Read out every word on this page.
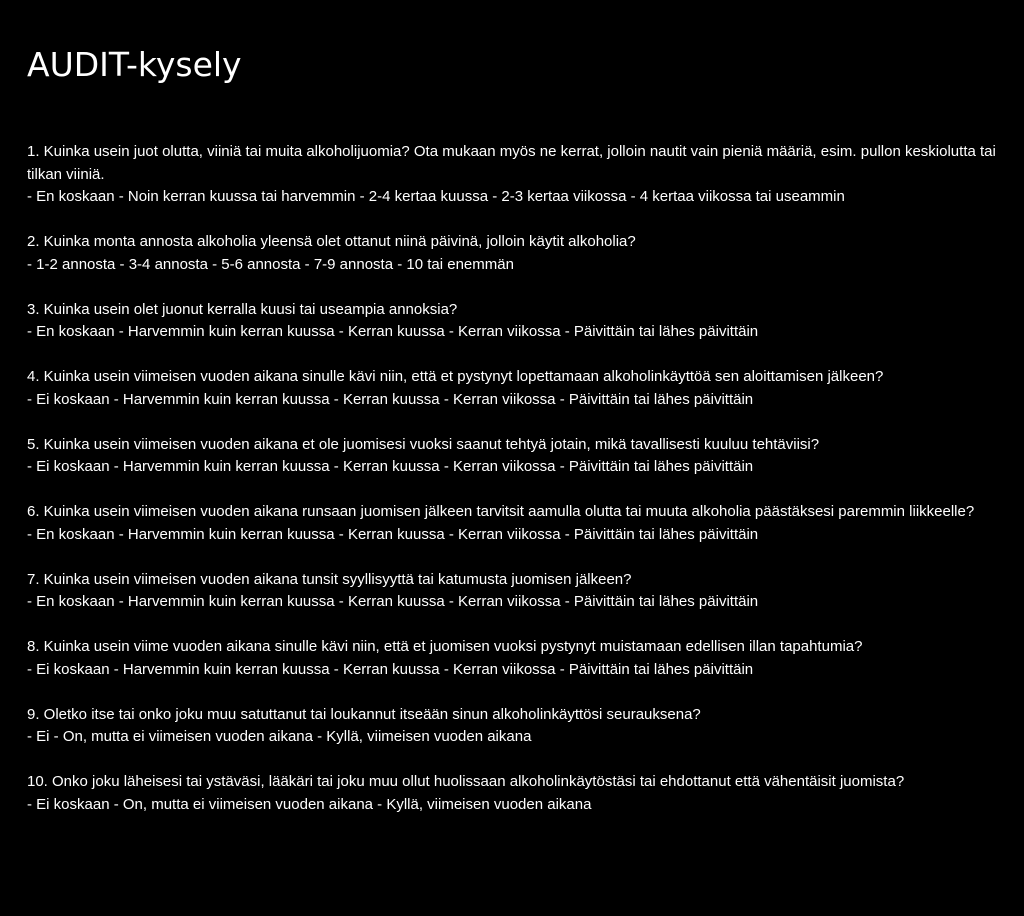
AUDIT-kysely
1. Kuinka usein juot olutta, viiniä tai muita alkoholijuomia? Ota mukaan myös ne kerrat, jolloin nautit vain pieniä määriä, esim. pullon keskiolutta tai tilkan viiniä.
- En koskaan - Noin kerran kuussa tai harvemmin - 2-4 kertaa kuussa - 2-3 kertaa viikossa - 4 kertaa viikossa tai useammin
2. Kuinka monta annosta alkoholia yleensä olet ottanut niinä päivinä, jolloin käytit alkoholia?
- 1-2 annosta - 3-4 annosta - 5-6 annosta - 7-9 annosta - 10 tai enemmän
3. Kuinka usein olet juonut kerralla kuusi tai useampia annoksia?
- En koskaan - Harvemmin kuin kerran kuussa - Kerran kuussa - Kerran viikossa - Päivittäin tai lähes päivittäin
4. Kuinka usein viimeisen vuoden aikana sinulle kävi niin, että et pystynyt lopettamaan alkoholinkäyttöä sen aloittamisen jälkeen?
- Ei koskaan - Harvemmin kuin kerran kuussa - Kerran kuussa - Kerran viikossa - Päivittäin tai lähes päivittäin
5. Kuinka usein viimeisen vuoden aikana et ole juomisesi vuoksi saanut tehtyä jotain, mikä tavallisesti kuuluu tehtäviisi?
- Ei koskaan - Harvemmin kuin kerran kuussa - Kerran kuussa - Kerran viikossa - Päivittäin tai lähes päivittäin
6. Kuinka usein viimeisen vuoden aikana runsaan juomisen jälkeen tarvitsit aamulla olutta tai muuta alkoholia päästäksesi paremmin liikkeelle?
- En koskaan - Harvemmin kuin kerran kuussa - Kerran kuussa - Kerran viikossa - Päivittäin tai lähes päivittäin
7. Kuinka usein viimeisen vuoden aikana tunsit syyllisyyttä tai katumusta juomisen jälkeen?
- En koskaan - Harvemmin kuin kerran kuussa - Kerran kuussa - Kerran viikossa - Päivittäin tai lähes päivittäin
8. Kuinka usein viime vuoden aikana sinulle kävi niin, että et juomisen vuoksi pystynyt muistamaan edellisen illan tapahtumia?
- Ei koskaan - Harvemmin kuin kerran kuussa - Kerran kuussa - Kerran viikossa - Päivittäin tai lähes päivittäin
9. Oletko itse tai onko joku muu satuttanut tai loukannut itseään sinun alkoholinkäyttösi seurauksena?
- Ei - On, mutta ei viimeisen vuoden aikana - Kyllä, viimeisen vuoden aikana
10. Onko joku läheisesi tai ystäväsi, lääkäri tai joku muu ollut huolissaan alkoholinkäytöstäsi tai ehdottanut että vähentäisit juomista?
- Ei koskaan - On, mutta ei viimeisen vuoden aikana - Kyllä, viimeisen vuoden aikana
